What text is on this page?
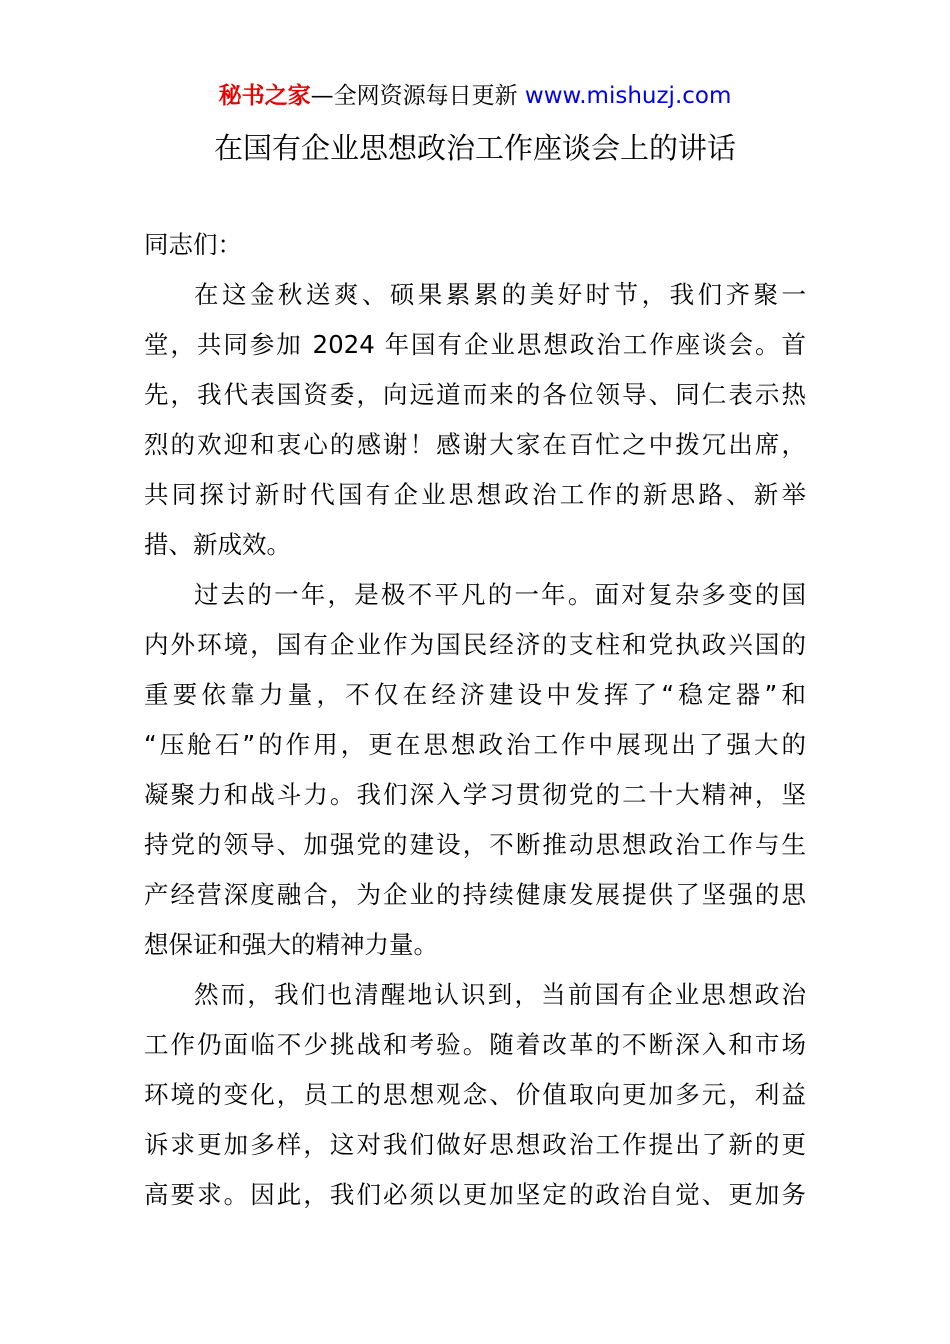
秘书之家—全网资源每日更新 www.mishuzj.com
在国有企业思想政治工作座谈会上的讲话
同志们：
在这金秋送爽、硕果累累的美好时节，我们齐聚一
堂，共同参加 2024 年国有企业思想政治工作座谈会。首
先，我代表国资委，向远道而来的各位领导、同仁表示热
烈的欢迎和衷心的感谢！感谢大家在百忙之中拨冗出席，
共同探讨新时代国有企业思想政治工作的新思路、新举
措、新成效。
过去的一年，是极不平凡的一年。面对复杂多变的国
内外环境，国有企业作为国民经济的支柱和党执政兴国的
重要依靠力量，不仅在经济建设中发挥了“稳定器”和
“压舱石”的作用，更在思想政治工作中展现出了强大的
凝聚力和战斗力。我们深入学习贯彻党的二十大精神，坚
持党的领导、加强党的建设，不断推动思想政治工作与生
产经营深度融合，为企业的持续健康发展提供了坚强的思
想保证和强大的精神力量。
然而，我们也清醒地认识到，当前国有企业思想政治
工作仍面临不少挑战和考验。随着改革的不断深入和市场
环境的变化，员工的思想观念、价值取向更加多元，利益
诉求更加多样，这对我们做好思想政治工作提出了新的更
高要求。因此，我们必须以更加坚定的政治自觉、更加务
